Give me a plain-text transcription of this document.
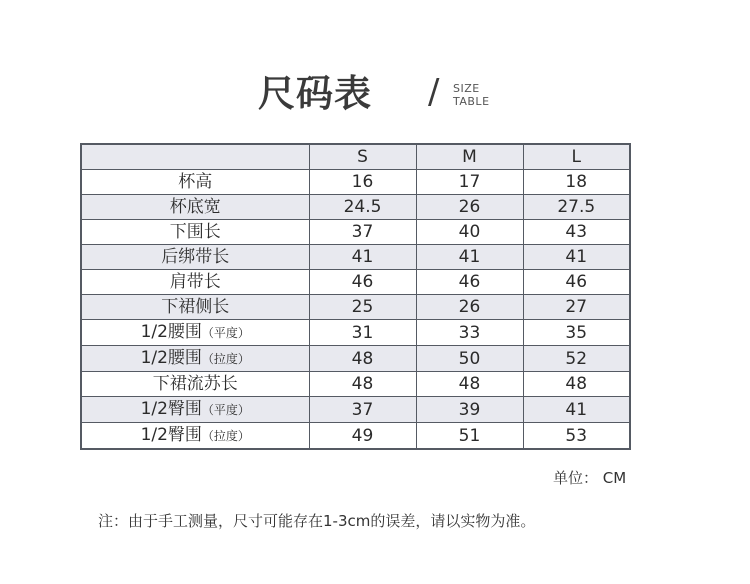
尺码表 / SIZE
TABLE
	S	M	L
杯高	16	17	18
杯底宽	24.5	26	27.5
下围长	37	40	43
后绑带长	41	41	41
肩带长	46	46	46
下裙侧长	25	26	27
1/2腰围（平度）	31	33	35
1/2腰围（拉度）	48	50	52
下裙流苏长	48	48	48
1/2臀围（平度）	37	39	41
1/2臀围（拉度）	49	51	53
单位： CM
注：由于手工测量，尺寸可能存在1-3cm的误差，请以实物为准。
